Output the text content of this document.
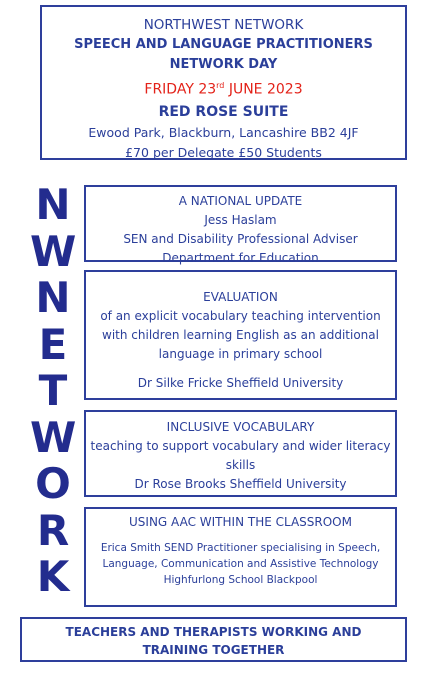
NORTHWEST NETWORK
SPEECH AND LANGUAGE PRACTITIONERS
NETWORK DAY
FRIDAY 23rd JUNE 2023
RED ROSE SUITE
Ewood Park, Blackburn, Lancashire BB2 4JF
£70 per Delegate £50 Students
N
W
N
E
T
W
O
R
K
A NATIONAL UPDATE
Jess Haslam
SEN and Disability Professional Adviser
Department for Education
EVALUATION
of an explicit vocabulary teaching intervention
with children learning English as an additional
language in primary school
Dr Silke Fricke Sheffield University
INCLUSIVE VOCABULARY
teaching to support vocabulary and wider literacy
skills
Dr Rose Brooks Sheffield University
USING AAC WITHIN THE CLASSROOM
Erica Smith SEND Practitioner specialising in Speech,
Language, Communication and Assistive Technology
Highfurlong School Blackpool
TEACHERS AND THERAPISTS WORKING AND
TRAINING TOGETHER
